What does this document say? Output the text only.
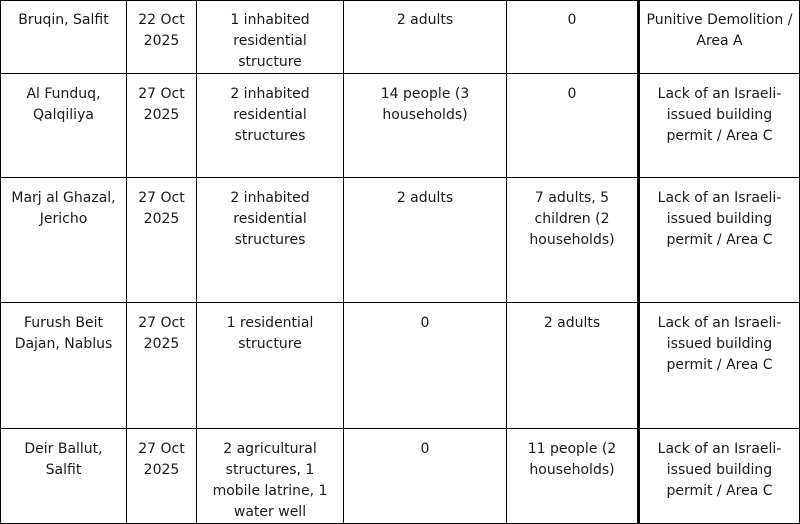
Bruqin, Salfit	22 Oct 2025	1 inhabited residential structure	2 adults	0	Punitive Demolition / Area A
Al Funduq, Qalqiliya	27 Oct 2025	2 inhabited residential structures	14 people (3 households)	0	Lack of an Israeli-issued building permit / Area C
Marj al Ghazal, Jericho	27 Oct 2025	2 inhabited residential structures	2 adults	7 adults, 5 children (2 households)	Lack of an Israeli-issued building permit / Area C
Furush Beit Dajan, Nablus	27 Oct 2025	1 residential structure	0	2 adults	Lack of an Israeli-issued building permit / Area C
Deir Ballut, Salfit	27 Oct 2025	2 agricultural structures, 1 mobile latrine, 1 water well	0	11 people (2 households)	Lack of an Israeli-issued building permit / Area C
